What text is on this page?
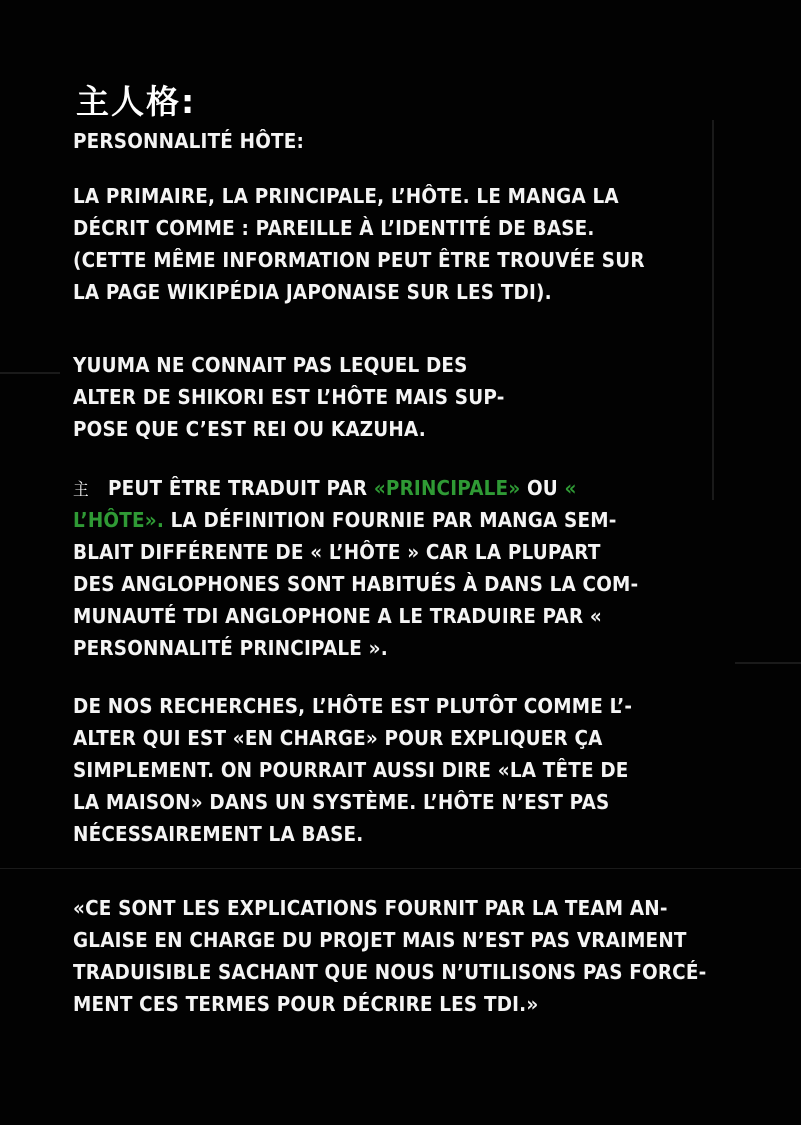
主人格:
PERSONNALITÉ HÔTE:
LA PRIMAIRE, LA PRINCIPALE, L’HÔTE. LE MANGA LA
DÉCRIT COMME : PAREILLE À L’IDENTITÉ DE BASE.
(CETTE MÊME INFORMATION PEUT ÊTRE TROUVÉE SUR
LA PAGE WIKIPÉDIA JAPONAISE SUR LES TDI).
YUUMA NE CONNAIT PAS LEQUEL DES
ALTER DE SHIKORI EST L’HÔTE MAIS SUP-
POSE QUE C’EST REI OU KAZUHA.
主 PEUT ÊTRE TRADUIT PAR «PRINCIPALE» OU «
L’HÔTE». LA DÉFINITION FOURNIE PAR MANGA SEM-
BLAIT DIFFÉRENTE DE « L’HÔTE » CAR LA PLUPART
DES ANGLOPHONES SONT HABITUÉS À DANS LA COM-
MUNAUTÉ TDI ANGLOPHONE A LE TRADUIRE PAR «
PERSONNALITÉ PRINCIPALE ».
DE NOS RECHERCHES, L’HÔTE EST PLUTÔT COMME L’-
ALTER QUI EST «EN CHARGE» POUR EXPLIQUER ÇA
SIMPLEMENT. ON POURRAIT AUSSI DIRE «LA TÊTE DE
LA MAISON» DANS UN SYSTÈME. L’HÔTE N’EST PAS
NÉCESSAIREMENT LA BASE.
«CE SONT LES EXPLICATIONS FOURNIT PAR LA TEAM AN-
GLAISE EN CHARGE DU PROJET MAIS N’EST PAS VRAIMENT
TRADUISIBLE SACHANT QUE NOUS N’UTILISONS PAS FORCÉ-
MENT CES TERMES POUR DÉCRIRE LES TDI.»
